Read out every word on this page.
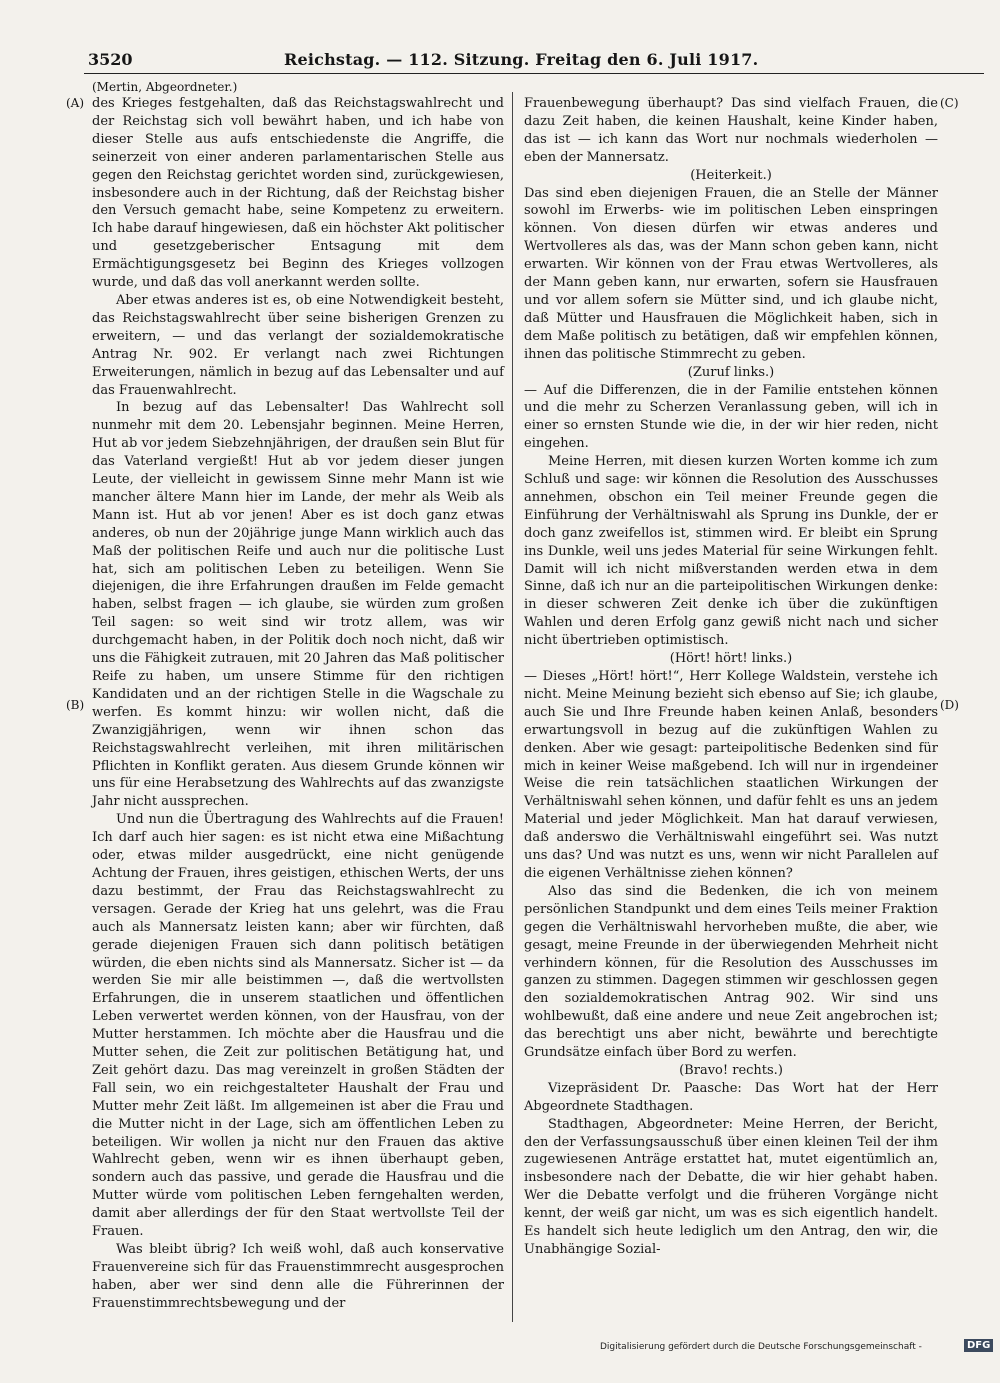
3520	Reichstag. — 112. Sitzung. Freitag den 6. Juli 1917.
(Mertin, Abgeordneter.)
(A)
(B)
(C)
(D)

des Krieges festgehalten, daß das Reichstagswahlrecht und der Reichstag sich voll bewährt haben, und ich habe von dieser Stelle aus aufs entschiedenste die Angriffe, die seinerzeit von einer anderen parlamentarischen Stelle aus gegen den Reichstag gerichtet worden sind, zurückgewiesen, insbesondere auch in der Richtung, daß der Reichstag bisher den Versuch gemacht habe, seine Kompetenz zu erweitern. Ich habe darauf hingewiesen, daß ein höchster Akt politischer und gesetzgeberischer Entsagung mit dem Ermächtigungsgesetz bei Beginn des Krieges vollzogen wurde, und daß das voll anerkannt werden sollte.

Aber etwas anderes ist es, ob eine Notwendigkeit besteht, das Reichstagswahlrecht über seine bisherigen Grenzen zu erweitern, — und das verlangt der sozialdemokratische Antrag Nr. 902. Er verlangt nach zwei Richtungen Erweiterungen, nämlich in bezug auf das Lebensalter und auf das Frauenwahlrecht.

In bezug auf das Lebensalter! Das Wahlrecht soll nunmehr mit dem 20. Lebensjahr beginnen. Meine Herren, Hut ab vor jedem Siebzehnjährigen, der draußen sein Blut für das Vaterland vergießt! Hut ab vor jedem dieser jungen Leute, der vielleicht in gewissem Sinne mehr Mann ist wie mancher ältere Mann hier im Lande, der mehr als Weib als Mann ist. Hut ab vor jenen! Aber es ist doch ganz etwas anderes, ob nun der 20jährige junge Mann wirklich auch das Maß der politischen Reife und auch nur die politische Lust hat, sich am politischen Leben zu beteiligen. Wenn Sie diejenigen, die ihre Erfahrungen draußen im Felde gemacht haben, selbst fragen — ich glaube, sie würden zum großen Teil sagen: so weit sind wir trotz allem, was wir durchgemacht haben, in der Politik doch noch nicht, daß wir uns die Fähigkeit zutrauen, mit 20 Jahren das Maß politischer Reife zu haben, um unsere Stimme für den richtigen Kandidaten und an der richtigen Stelle in die Wagschale zu werfen. Es kommt hinzu: wir wollen nicht, daß die Zwanzigjährigen, wenn wir ihnen schon das Reichstagswahlrecht verleihen, mit ihren militärischen Pflichten in Konflikt geraten. Aus diesem Grunde können wir uns für eine Herabsetzung des Wahlrechts auf das zwanzigste Jahr nicht aussprechen.

Und nun die Übertragung des Wahlrechts auf die Frauen! Ich darf auch hier sagen: es ist nicht etwa eine Mißachtung oder, etwas milder ausgedrückt, eine nicht genügende Achtung der Frauen, ihres geistigen, ethischen Werts, der uns dazu bestimmt, der Frau das Reichstagswahlrecht zu versagen. Gerade der Krieg hat uns gelehrt, was die Frau auch als Mannersatz leisten kann; aber wir fürchten, daß gerade diejenigen Frauen sich dann politisch betätigen würden, die eben nichts sind als Mannersatz. Sicher ist — da werden Sie mir alle beistimmen —, daß die wertvollsten Erfahrungen, die in unserem staatlichen und öffentlichen Leben verwertet werden können, von der Hausfrau, von der Mutter herstammen. Ich möchte aber die Hausfrau und die Mutter sehen, die Zeit zur politischen Betätigung hat, und Zeit gehört dazu. Das mag vereinzelt in großen Städten der Fall sein, wo ein reichgestalteter Haushalt der Frau und Mutter mehr Zeit läßt. Im allgemeinen ist aber die Frau und die Mutter nicht in der Lage, sich am öffentlichen Leben zu beteiligen. Wir wollen ja nicht nur den Frauen das aktive Wahlrecht geben, wenn wir es ihnen überhaupt geben, sondern auch das passive, und gerade die Hausfrau und die Mutter würde vom politischen Leben ferngehalten werden, damit aber allerdings der für den Staat wertvollste Teil der Frauen.

Was bleibt übrig? Ich weiß wohl, daß auch konservative Frauenvereine sich für das Frauenstimmrecht ausgesprochen haben, aber wer sind denn alle die Führerinnen der Frauenstimmrechtsbewegung und der

Frauenbewegung überhaupt? Das sind vielfach Frauen, die dazu Zeit haben, die keinen Haushalt, keine Kinder haben, das ist — ich kann das Wort nur nochmals wiederholen — eben der Mannersatz.

(Heiterkeit.)

Das sind eben diejenigen Frauen, die an Stelle der Männer sowohl im Erwerbs- wie im politischen Leben einspringen können. Von diesen dürfen wir etwas anderes und Wertvolleres als das, was der Mann schon geben kann, nicht erwarten. Wir können von der Frau etwas Wertvolleres, als der Mann geben kann, nur erwarten, sofern sie Hausfrauen und vor allem sofern sie Mütter sind, und ich glaube nicht, daß Mütter und Hausfrauen die Möglichkeit haben, sich in dem Maße politisch zu betätigen, daß wir empfehlen können, ihnen das politische Stimmrecht zu geben.

(Zuruf links.)

— Auf die Differenzen, die in der Familie entstehen können und die mehr zu Scherzen Veranlassung geben, will ich in einer so ernsten Stunde wie die, in der wir hier reden, nicht eingehen.

Meine Herren, mit diesen kurzen Worten komme ich zum Schluß und sage: wir können die Resolution des Ausschusses annehmen, obschon ein Teil meiner Freunde gegen die Einführung der Verhältniswahl als Sprung ins Dunkle, der er doch ganz zweifellos ist, stimmen wird. Er bleibt ein Sprung ins Dunkle, weil uns jedes Material für seine Wirkungen fehlt. Damit will ich nicht mißverstanden werden etwa in dem Sinne, daß ich nur an die parteipolitischen Wirkungen denke: in dieser schweren Zeit denke ich über die zukünftigen Wahlen und deren Erfolg ganz gewiß nicht nach und sicher nicht übertrieben optimistisch.

(Hört! hört! links.)

— Dieses „Hört! hört!“, Herr Kollege Waldstein, verstehe ich nicht. Meine Meinung bezieht sich ebenso auf Sie; ich glaube, auch Sie und Ihre Freunde haben keinen Anlaß, besonders erwartungsvoll in bezug auf die zukünftigen Wahlen zu denken. Aber wie gesagt: parteipolitische Bedenken sind für mich in keiner Weise maßgebend. Ich will nur in irgendeiner Weise die rein tatsächlichen staatlichen Wirkungen der Verhältniswahl sehen können, und dafür fehlt es uns an jedem Material und jeder Möglichkeit. Man hat darauf verwiesen, daß anderswo die Verhältniswahl eingeführt sei. Was nutzt uns das? Und was nutzt es uns, wenn wir nicht Parallelen auf die eigenen Verhältnisse ziehen können?

Also das sind die Bedenken, die ich von meinem persönlichen Standpunkt und dem eines Teils meiner Fraktion gegen die Verhältniswahl hervorheben mußte, die aber, wie gesagt, meine Freunde in der überwiegenden Mehrheit nicht verhindern können, für die Resolution des Ausschusses im ganzen zu stimmen. Dagegen stimmen wir geschlossen gegen den sozialdemokratischen Antrag 902. Wir sind uns wohlbewußt, daß eine andere und neue Zeit angebrochen ist; das berechtigt uns aber nicht, bewährte und berechtigte Grundsätze einfach über Bord zu werfen.

(Bravo! rechts.)

Vizepräsident Dr. Paasche: Das Wort hat der Herr Abgeordnete Stadthagen.

Stadthagen, Abgeordneter: Meine Herren, der Bericht, den der Verfassungsausschuß über einen kleinen Teil der ihm zugewiesenen Anträge erstattet hat, mutet eigentümlich an, insbesondere nach der Debatte, die wir hier gehabt haben. Wer die Debatte verfolgt und die früheren Vorgänge nicht kennt, der weiß gar nicht, um was es sich eigentlich handelt. Es handelt sich heute lediglich um den Antrag, den wir, die Unabhängige Sozial-

Digitalisierung gefördert durch die Deutsche Forschungsgemeinschaft -	DFG
